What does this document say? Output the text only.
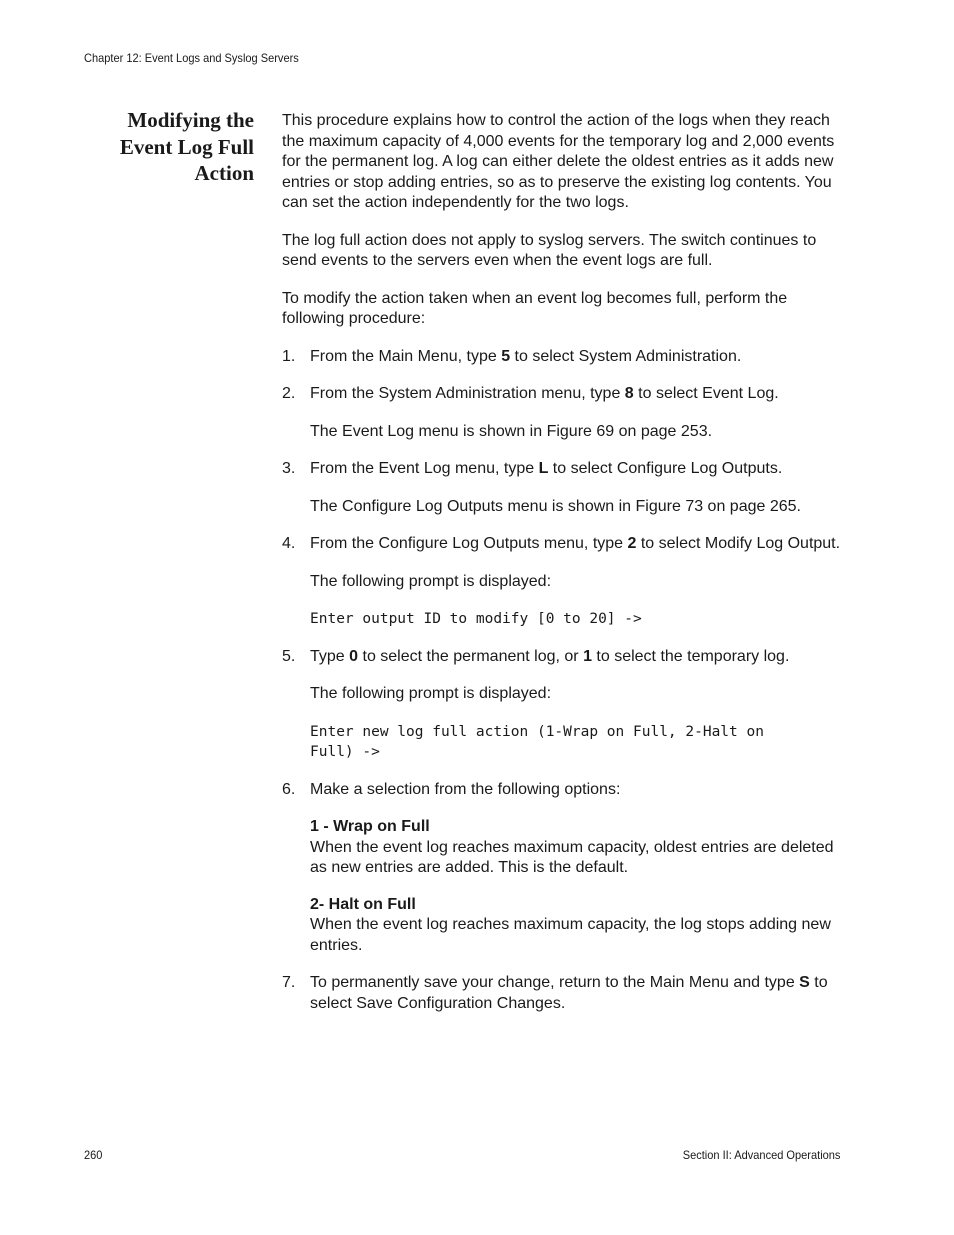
Chapter 12: Event Logs and Syslog Servers
Modifying the
Event Log Full
Action

This procedure explains how to control the action of the logs when they reach the maximum capacity of 4,000 events for the temporary log and 2,000 events for the permanent log. A log can either delete the oldest entries as it adds new entries or stop adding entries, so as to preserve the existing log contents. You can set the action independently for the two logs.

The log full action does not apply to syslog servers. The switch continues to send events to the servers even when the event logs are full.

To modify the action taken when an event log becomes full, perform the following procedure:

1. From the Main Menu, type 5 to select System Administration.

2. From the System Administration menu, type 8 to select Event Log.

The Event Log menu is shown in Figure 69 on page 253.

3. From the Event Log menu, type L to select Configure Log Outputs.

The Configure Log Outputs menu is shown in Figure 73 on page 265.

4. From the Configure Log Outputs menu, type 2 to select Modify Log Output.

The following prompt is displayed:

Enter output ID to modify [0 to 20] ->
5. Type 0 to select the permanent log, or 1 to select the temporary log.

The following prompt is displayed:

Enter new log full action (1-Wrap on Full, 2-Halt on Full) ->
6. Make a selection from the following options:

1 - Wrap on Full
When the event log reaches maximum capacity, oldest entries are deleted as new entries are added. This is the default.
2- Halt on Full
When the event log reaches maximum capacity, the log stops adding new entries.
7. To permanently save your change, return to the Main Menu and type S to select Save Configuration Changes.

260	Section II: Advanced Operations
